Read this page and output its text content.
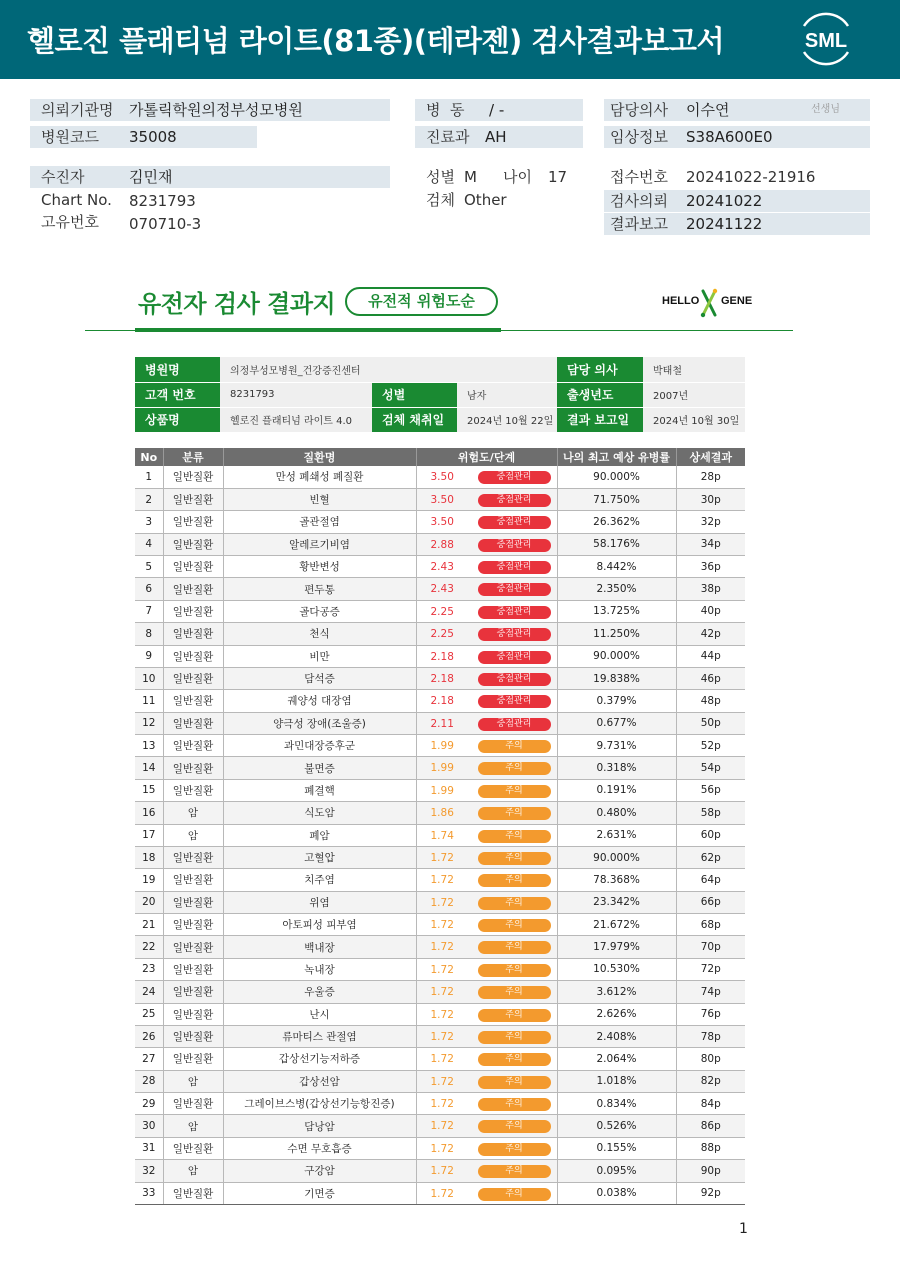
헬로진 플래티넘 라이트(81종)(테라젠) 검사결과보고서	SML
의뢰기관명 가톨릭학원의정부성모병원
병원코드 35008
병  동 / -
진료과 AH
담당의사 이수연	선생님
임상정보 S38A600E0
수진자	김민재
Chart No. 8231793
고유번호 070710-3
성별 M 나이 17
검체 Other
접수번호 20241022-21916
검사의뢰 20241022
결과보고 20241122
유전자 검사 결과지	유전적 위험도순	HELLO GENE
병원명	의정부성모병원_건강증진센터			담당 의사	박태철
고객 번호	8231793	성별	남자	출생년도	2007년
상품명	헬로진 플래티넘 라이트 4.0	검체 채취일	2024년 10월 22일	결과 보고일	2024년 10월 30일
No	분류	질환명	위험도/단계	나의 최고 예상 유병률	상세결과
1	일반질환	만성 폐쇄성 폐질환	3.50 중점관리	90.000%	28p
2	일반질환	빈혈	3.50 중점관리	71.750%	30p
3	일반질환	골관절염	3.50 중점관리	26.362%	32p
4	일반질환	알레르기비염	2.88 중점관리	58.176%	34p
5	일반질환	황반변성	2.43 중점관리	8.442%	36p
6	일반질환	편두통	2.43 중점관리	2.350%	38p
7	일반질환	골다공증	2.25 중점관리	13.725%	40p
8	일반질환	천식	2.25 중점관리	11.250%	42p
9	일반질환	비만	2.18 중점관리	90.000%	44p
10	일반질환	담석증	2.18 중점관리	19.838%	46p
11	일반질환	궤양성 대장염	2.18 중점관리	0.379%	48p
12	일반질환	양극성 장애(조울증)	2.11 중점관리	0.677%	50p
13	일반질환	과민대장증후군	1.99 주의	9.731%	52p
14	일반질환	불면증	1.99 주의	0.318%	54p
15	일반질환	폐결핵	1.99 주의	0.191%	56p
16	암	식도암	1.86 주의	0.480%	58p
17	암	폐암	1.74 주의	2.631%	60p
18	일반질환	고혈압	1.72 주의	90.000%	62p
19	일반질환	치주염	1.72 주의	78.368%	64p
20	일반질환	위염	1.72 주의	23.342%	66p
21	일반질환	아토피성 피부염	1.72 주의	21.672%	68p
22	일반질환	백내장	1.72 주의	17.979%	70p
23	일반질환	녹내장	1.72 주의	10.530%	72p
24	일반질환	우울증	1.72 주의	3.612%	74p
25	일반질환	난시	1.72 주의	2.626%	76p
26	일반질환	류마티스 관절염	1.72 주의	2.408%	78p
27	일반질환	갑상선기능저하증	1.72 주의	2.064%	80p
28	암	갑상선암	1.72 주의	1.018%	82p
29	일반질환	그레이브스병(갑상선기능항진증)	1.72 주의	0.834%	84p
30	암	담낭암	1.72 주의	0.526%	86p
31	일반질환	수면 무호흡증	1.72 주의	0.155%	88p
32	암	구강암	1.72 주의	0.095%	90p
33	일반질환	기면증	1.72 주의	0.038%	92p
1
